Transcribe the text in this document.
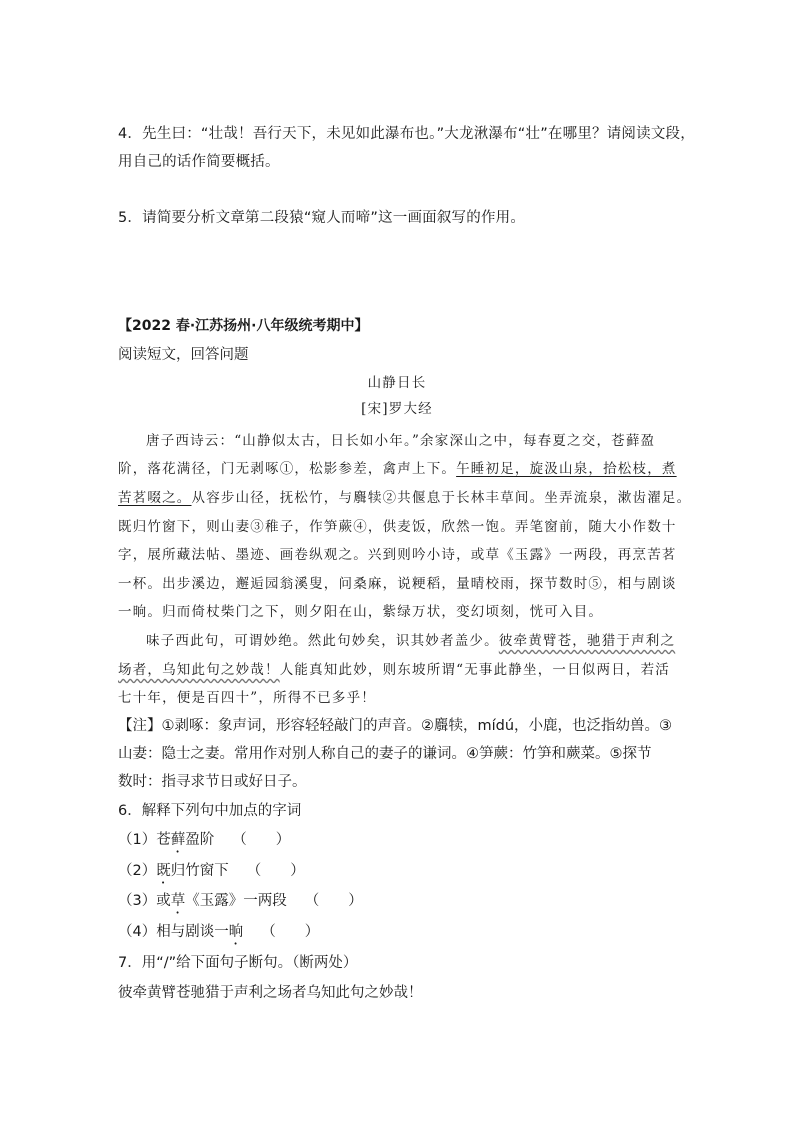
4．先生曰：“壮哉！吾行天下，未见如此瀑布也。”大龙湫瀑布“壮”在哪里？请阅读文段，
用自己的话作简要概括。
5．请简要分析文章第二段猿“窥人而啼”这一画面叙写的作用。
【2022 春·江苏扬州·八年级统考期中】
阅读短文，回答问题
山静日长
[宋]罗大经
唐子西诗云：“山静似太古，日长如小年。”余家深山之中，每春夏之交，苍藓盈
阶，落花满径，门无剥啄①，松影参差，禽声上下。午睡初足，旋汲山泉，拾松枝，煮
苦茗啜之。从容步山径，抚松竹，与麛犊②共偃息于长林丰草间。坐弄流泉，漱齿濯足。
既归竹窗下，则山妻③稚子，作笋蕨④，供麦饭，欣然一饱。弄笔窗前，随大小作数十
字，展所藏法帖、墨迹、画卷纵观之。兴到则吟小诗，或草《玉露》一两段，再烹苦茗
一杯。出步溪边，邂逅园翁溪叟，问桑麻，说粳稻，量晴校雨，探节数时⑤，相与剧谈
一晌。归而倚杖柴门之下，则夕阳在山，紫绿万状，变幻顷刻，恍可入目。
味子西此句，可谓妙绝。然此句妙矣，识其妙者盖少。彼牵黄臂苍，驰猎于声利之
场者，乌知此句之妙哉！人能真知此妙，则东坡所谓“无事此静坐，一日似两日，若活
七十年，便是百四十”，所得不已多乎！
【注】①剥啄：象声词，形容轻轻敲门的声音。②麛犊，mídú，小鹿，也泛指幼兽。③
山妻：隐士之妻。常用作对别人称自己的妻子的谦词。④笋蕨：竹笋和蕨菜。⑤探节
数时：指寻求节日或好日子。
6．解释下列句中加点的字词
（1）苍藓盈阶 （　　）
（2）既归竹窗下 （　　）
（3）或草《玉露》一两段 （　　）
（4）相与剧谈一晌 （　　）
7．用“/”给下面句子断句。（断两处）
彼牵黄臂苍驰猎于声利之场者乌知此句之妙哉！
